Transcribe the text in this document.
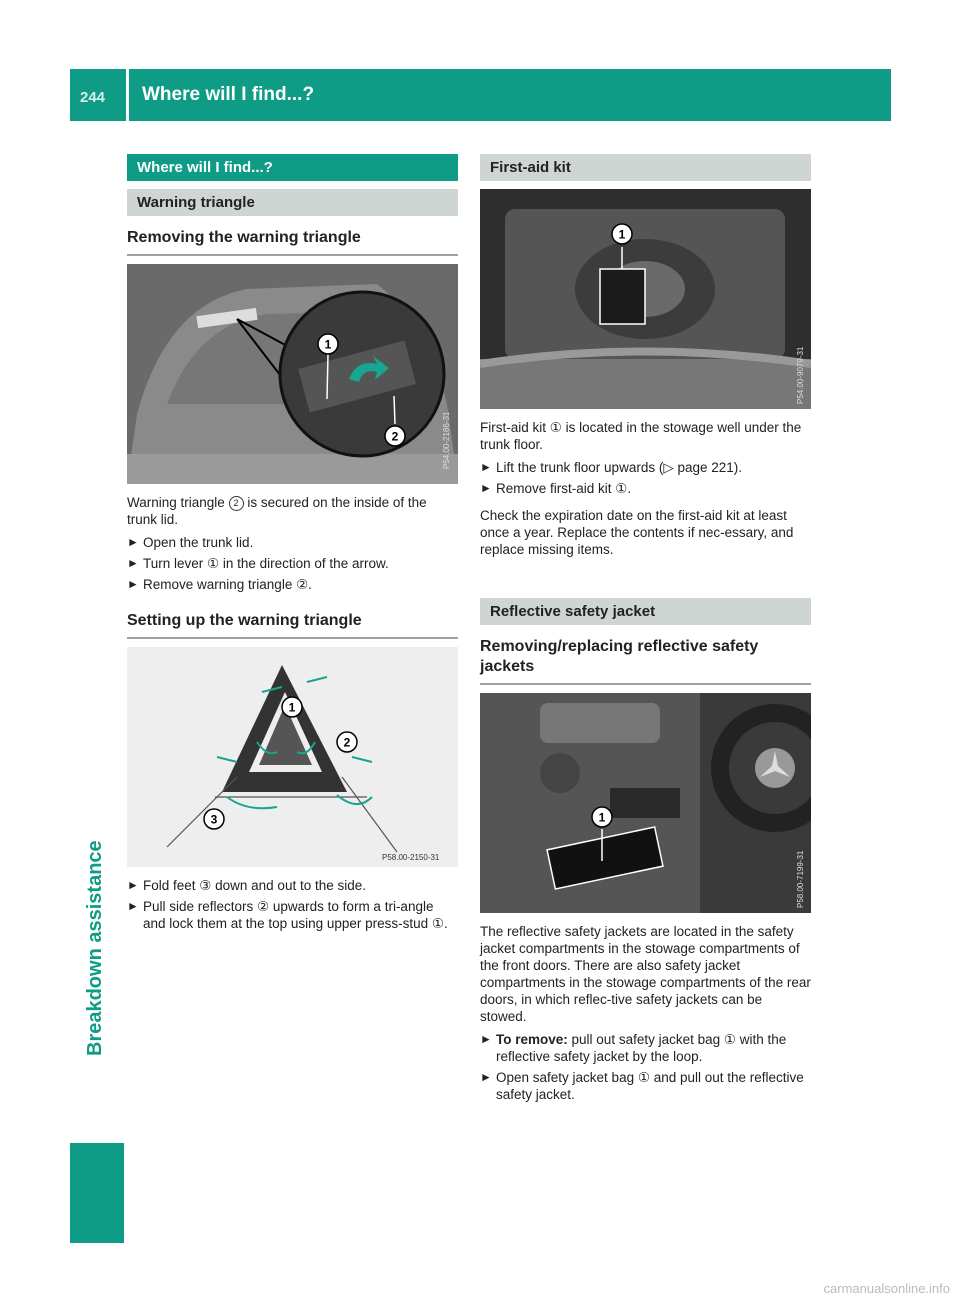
244 Where will I find...?
Breakdown assistance
Where will I find...?
Warning triangle
Removing the warning triangle
1
2	P54.00-2186-31

Warning triangle 2 is secured on the inside of the trunk lid.

► Open the trunk lid.
► Turn lever ① in the direction of the arrow.
► Remove warning triangle ②.
Setting up the warning triangle
1
2
3
P58.00-2150-31
► Fold feet ③ down and out to the side.
► Pull side reflectors ② upwards to form a tri-angle and lock them at the top using upper press-stud ①.
First-aid kit
1
P54.00-9079-31

First-aid kit ① is located in the stowage well under the trunk floor.

► Lift the trunk floor upwards (▷ page 221).
► Remove first-aid kit ①.

Check the expiration date on the first-aid kit at least once a year. Replace the contents if nec-essary, and replace missing items.

Reflective safety jacket
Removing/replacing reflective safety jackets
1
P58.00-7199-31

The reflective safety jackets are located in the safety jacket compartments in the stowage compartments of the front doors. There are also safety jacket compartments in the stowage compartments of the rear doors, in which reflec-tive safety jackets can be stowed.

► To remove: pull out safety jacket bag ① with the reflective safety jacket by the loop.
► Open safety jacket bag ① and pull out the reflective safety jacket.
carmanualsonline.info
